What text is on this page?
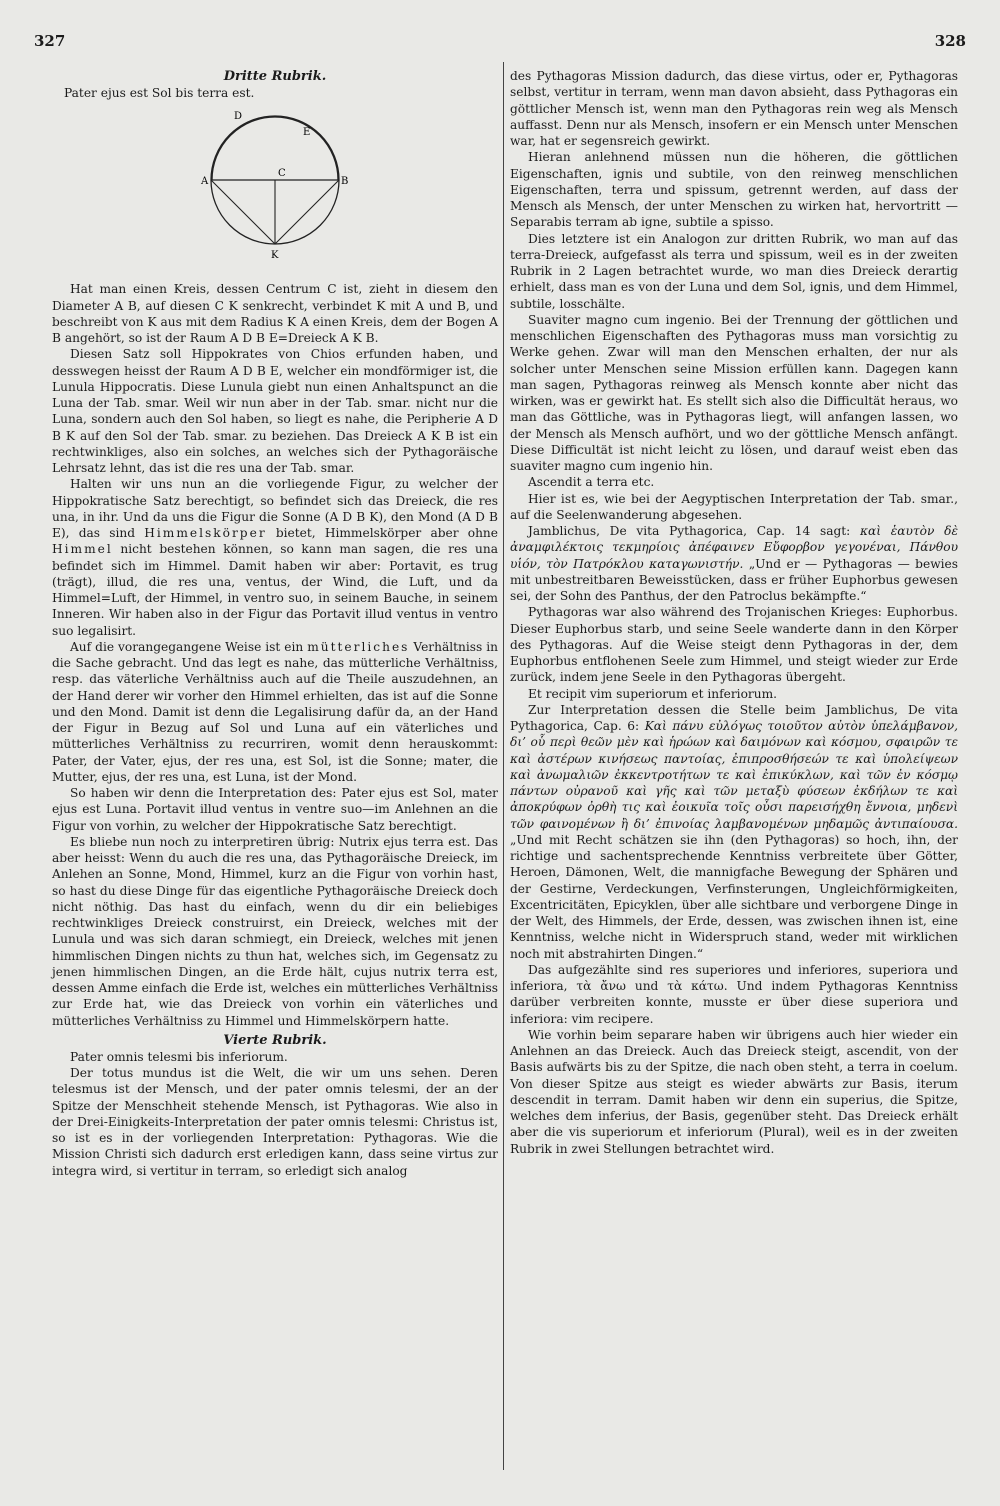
327	328
Dritte Rubrik.

Pater ejus est Sol bis terra est.

A	B
C
D
E
K

Hat man einen Kreis, dessen Centrum C ist, zieht in diesem den Diameter A B, auf diesen C K senkrecht, verbindet K mit A und B, und beschreibt von K aus mit dem Radius K A einen Kreis, dem der Bogen A B angehört, so ist der Raum A D B E=Dreieck A K B.

Diesen Satz soll Hippokrates von Chios erfunden haben, und desswegen heisst der Raum A D B E, welcher ein mondförmiger ist, die Lunula Hippocratis. Diese Lunula giebt nun einen Anhaltspunct an die Luna der Tab. smar. Weil wir nun aber in der Tab. smar. nicht nur die Luna, sondern auch den Sol haben, so liegt es nahe, die Peripherie A D B K auf den Sol der Tab. smar. zu beziehen. Das Dreieck A K B ist ein rechtwinkliges, also ein solches, an welches sich der Pythagoräische Lehrsatz lehnt, das ist die res una der Tab. smar.

Halten wir uns nun an die vorliegende Figur, zu welcher der Hippokratische Satz berechtigt, so befindet sich das Dreieck, die res una, in ihr. Und da uns die Figur die Sonne (A D B K), den Mond (A D B E), das sind Himmelskörper bietet, Himmelskörper aber ohne Himmel nicht bestehen können, so kann man sagen, die res una befindet sich im Himmel. Damit haben wir aber: Portavit, es trug (trägt), illud, die res una, ventus, der Wind, die Luft, und da Himmel=Luft, der Himmel, in ventro suo, in seinem Bauche, in seinem Inneren. Wir haben also in der Figur das Portavit illud ventus in ventro suo legalisirt.

Auf die vorangegangene Weise ist ein mütterliches Verhältniss in die Sache gebracht. Und das legt es nahe, das mütterliche Verhältniss, resp. das väterliche Verhältniss auch auf die Theile auszudehnen, an der Hand derer wir vorher den Himmel erhielten, das ist auf die Sonne und den Mond. Damit ist denn die Legalisirung dafür da, an der Hand der Figur in Bezug auf Sol und Luna auf ein väterliches und mütterliches Verhältniss zu recurriren, womit denn herauskommt: Pater, der Vater, ejus, der res una, est Sol, ist die Sonne; mater, die Mutter, ejus, der res una, est Luna, ist der Mond.

So haben wir denn die Interpretation des: Pater ejus est Sol, mater ejus est Luna. Portavit illud ventus in ventre suo—im Anlehnen an die Figur von vorhin, zu welcher der Hippokratische Satz berechtigt.

Es bliebe nun noch zu interpretiren übrig: Nutrix ejus terra est. Das aber heisst: Wenn du auch die res una, das Pythagoräische Dreieck, im Anlehen an Sonne, Mond, Himmel, kurz an die Figur von vorhin hast, so hast du diese Dinge für das eigentliche Pythagoräische Dreieck doch nicht nöthig. Das hast du einfach, wenn du dir ein beliebiges rechtwinkliges Dreieck construirst, ein Dreieck, welches mit der Lunula und was sich daran schmiegt, ein Dreieck, welches mit jenen himmlischen Dingen nichts zu thun hat, welches sich, im Gegensatz zu jenen himmlischen Dingen, an die Erde hält, cujus nutrix terra est, dessen Amme einfach die Erde ist, welches ein mütterliches Verhältniss zur Erde hat, wie das Dreieck von vorhin ein väterliches und mütterliches Verhältniss zu Himmel und Himmelskörpern hatte.

Vierte Rubrik.

Pater omnis telesmi bis inferiorum.

Der totus mundus ist die Welt, die wir um uns sehen. Deren telesmus ist der Mensch, und der pater omnis telesmi, der an der Spitze der Menschheit stehende Mensch, ist Pythagoras. Wie also in der Drei-Einigkeits-Interpretation der pater omnis telesmi: Christus ist, so ist es in der vorliegenden Interpretation: Pythagoras. Wie die Mission Christi sich dadurch erst erledigen kann, dass seine virtus zur integra wird, si vertitur in terram, so erledigt sich analog

des Pythagoras Mission dadurch, das diese virtus, oder er, Pythagoras selbst, vertitur in terram, wenn man davon absieht, dass Pythagoras ein göttlicher Mensch ist, wenn man den Pythagoras rein weg als Mensch auffasst. Denn nur als Mensch, insofern er ein Mensch unter Menschen war, hat er segensreich gewirkt.

Hieran anlehnend müssen nun die höheren, die göttlichen Eigenschaften, ignis und subtile, von den reinweg menschlichen Eigenschaften, terra und spissum, getrennt werden, auf dass der Mensch als Mensch, der unter Menschen zu wirken hat, hervortritt — Separabis terram ab igne, subtile a spisso.

Dies letztere ist ein Analogon zur dritten Rubrik, wo man auf das terra-Dreieck, aufgefasst als terra und spissum, weil es in der zweiten Rubrik in 2 Lagen betrachtet wurde, wo man dies Dreieck derartig erhielt, dass man es von der Luna und dem Sol, ignis, und dem Himmel, subtile, losschälte.

Suaviter magno cum ingenio. Bei der Trennung der göttlichen und menschlichen Eigenschaften des Pythagoras muss man vorsichtig zu Werke gehen. Zwar will man den Menschen erhalten, der nur als solcher unter Menschen seine Mission erfüllen kann. Dagegen kann man sagen, Pythagoras reinweg als Mensch konnte aber nicht das wirken, was er gewirkt hat. Es stellt sich also die Difficultät heraus, wo man das Göttliche, was in Pythagoras liegt, will anfangen lassen, wo der Mensch als Mensch aufhört, und wo der göttliche Mensch anfängt. Diese Difficultät ist nicht leicht zu lösen, und darauf weist eben das suaviter magno cum ingenio hin.

Ascendit a terra etc.

Hier ist es, wie bei der Aegyptischen Interpretation der Tab. smar., auf die Seelenwanderung abgesehen.

Jamblichus, De vita Pythagorica, Cap. 14 sagt: καὶ ἑαυτὸν δὲ ἀναμφιλέκτοις τεκμηρίοις ἀπέφαινεν Εὔφορβον γεγονέναι, Πάνθου υἱόν, τὸν Πατρόκλου καταγωνιστήν. „Und er — Pythagoras — bewies mit unbestreitbaren Beweisstücken, dass er früher Euphorbus gewesen sei, der Sohn des Panthus, der den Patroclus bekämpfte.“

Pythagoras war also während des Trojanischen Krieges: Euphorbus. Dieser Euphorbus starb, und seine Seele wanderte dann in den Körper des Pythagoras. Auf die Weise steigt denn Pythagoras in der, dem Euphorbus entflohenen Seele zum Himmel, und steigt wieder zur Erde zurück, indem jene Seele in den Pythagoras übergeht.

Et recipit vim superiorum et inferiorum.

Zur Interpretation dessen die Stelle beim Jamblichus, De vita Pythagorica, Cap. 6: Καὶ πάνυ εὐλόγως τοιοῦτον αὐτὸν ὑπελάμβανον, δι’ οὗ περὶ θεῶν μὲν καὶ ἡρώων καὶ δαιμόνων καὶ κόσμου, σφαιρῶν τε καὶ ἀστέρων κινήσεως παντοίας, ἐπιπροσθήσεών τε καὶ ὑπολείψεων καὶ ἀνωμαλιῶν ἐκκεντροτήτων τε καὶ ἐπικύκλων, καὶ τῶν ἐν κόσμῳ πάντων οὐρανοῦ καὶ γῆς καὶ τῶν μεταξὺ φύσεων ἐκδήλων τε καὶ ἀποκρύφων ὀρθὴ τις καὶ ἐοικυῖα τοῖς οὖσι παρεισήχθη ἔννοια, μηδενὶ τῶν φαινομένων ἢ δι’ ἐπινοίας λαμβανομένων μηδαμῶς ἀντιπαίουσα. „Und mit Recht schätzen sie ihn (den Pythagoras) so hoch, ihn, der richtige und sachentsprechende Kenntniss verbreitete über Götter, Heroen, Dämonen, Welt, die mannigfache Bewegung der Sphären und der Gestirne, Verdeckungen, Verfinsterungen, Ungleichförmigkeiten, Excentricitäten, Epicyklen, über alle sichtbare und verborgene Dinge in der Welt, des Himmels, der Erde, dessen, was zwischen ihnen ist, eine Kenntniss, welche nicht in Widerspruch stand, weder mit wirklichen noch mit abstrahirten Dingen.“

Das aufgezählte sind res superiores und inferiores, superiora und inferiora, τὰ ἄνω und τὰ κάτω. Und indem Pythagoras Kenntniss darüber verbreiten konnte, musste er über diese superiora und inferiora: vim recipere.

Wie vorhin beim separare haben wir übrigens auch hier wieder ein Anlehnen an das Dreieck. Auch das Dreieck steigt, ascendit, von der Basis aufwärts bis zu der Spitze, die nach oben steht, a terra in coelum. Von dieser Spitze aus steigt es wieder abwärts zur Basis, iterum descendit in terram. Damit haben wir denn ein superius, die Spitze, welches dem inferius, der Basis, gegenüber steht. Das Dreieck erhält aber die vis superiorum et inferiorum (Plural), weil es in der zweiten Rubrik in zwei Stellungen betrachtet wird.
